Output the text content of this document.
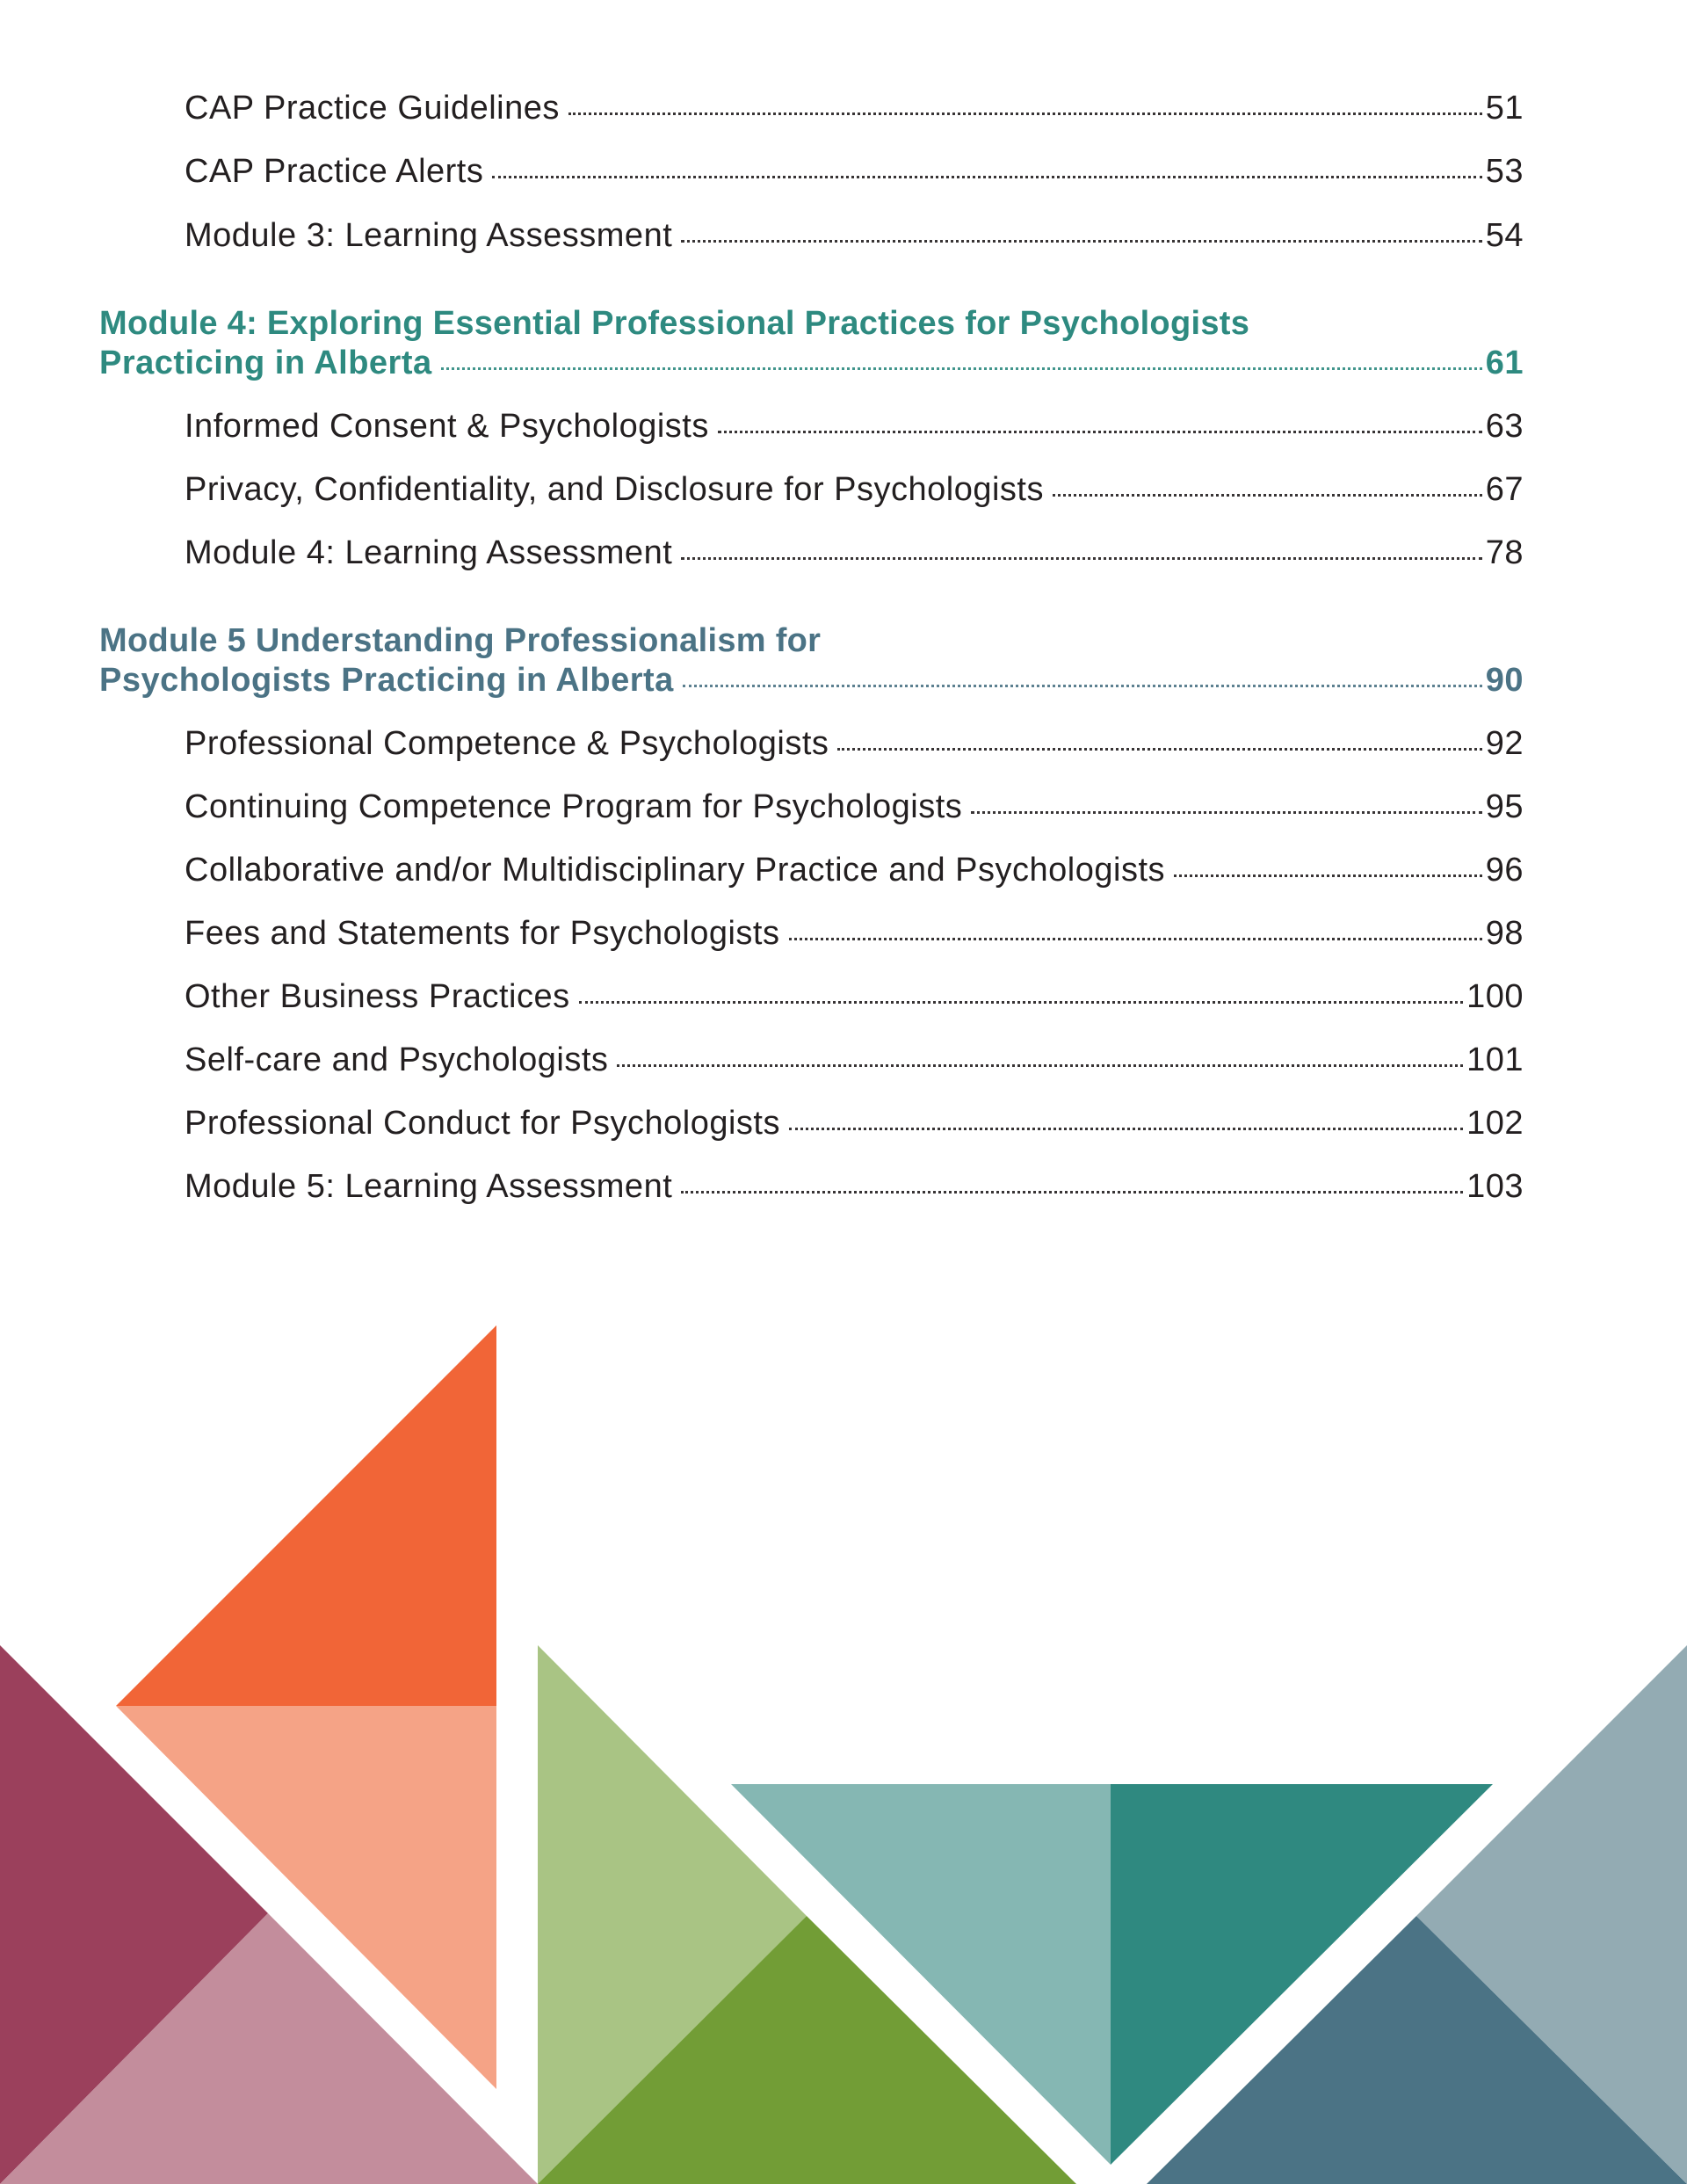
CAP Practice Guidelines	51
CAP Practice Alerts	53
Module 3: Learning Assessment	54
Module 4: Exploring Essential Professional Practices for Psychologists
Practicing in Alberta	61
Informed Consent & Psychologists	63
Privacy, Confidentiality, and Disclosure for Psychologists	67
Module 4: Learning Assessment	78
Module 5 Understanding Professionalism for
Psychologists Practicing in Alberta	90
Professional Competence & Psychologists	92
Continuing Competence Program for Psychologists	95
Collaborative and/or Multidisciplinary Practice and Psychologists	96
Fees and Statements for Psychologists	98
Other Business Practices	100
Self-care and Psychologists	101
Professional Conduct for Psychologists	102
Module 5: Learning Assessment	103
